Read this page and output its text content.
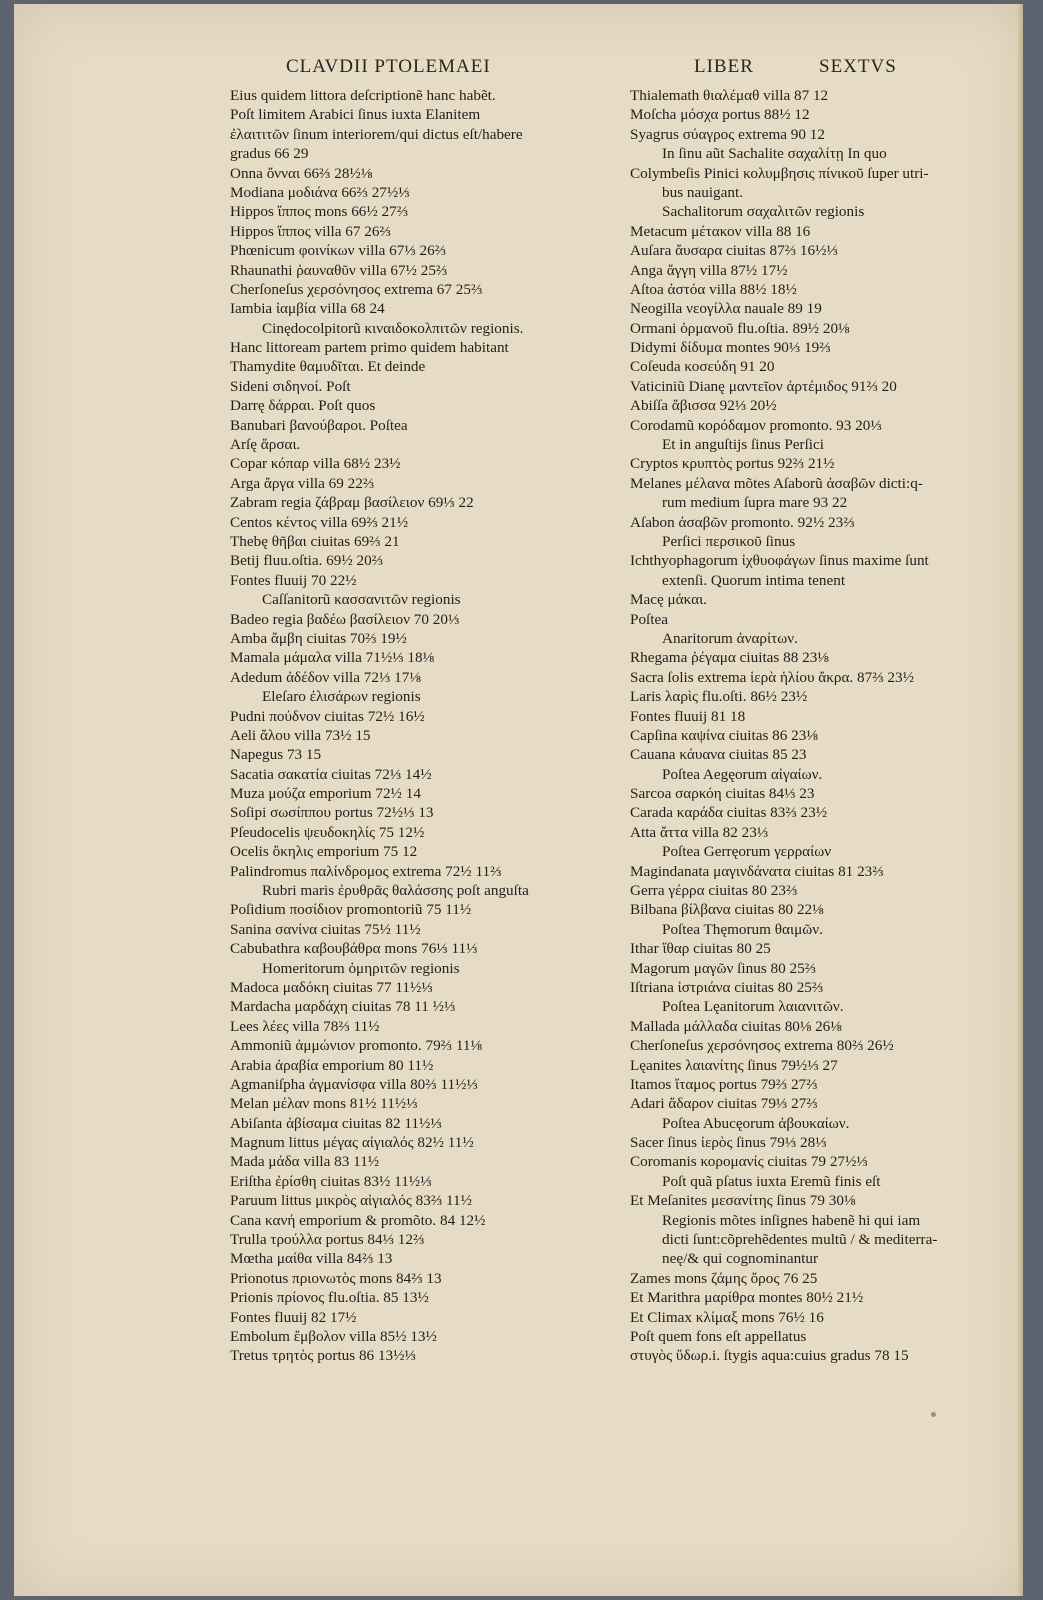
CLAVDII PTOLEMAEI	LIBER	SEXTVS
Eius quidem littora deſcriptionẽ hanc habẽt.
Poſt limitem Arabici ſinus iuxta Elanitem
ἐλαιτιτῶν ſinum interiorem/qui dictus eſt/habere
gradus 66 29
Onna ὄνναι 66⅔ 28½⅛
Modiana μοδιάνα 66⅔ 27½⅓
Hippos ἵππος mons 66½ 27⅔
Hippos ἵππος villa 67 26⅔
Phœnicum φοινίκων villa 67⅓ 26⅔
Rhaunathi ῥαυναθῦν villa 67½ 25⅔
Cherſoneſus χερσόνησος extrema 67 25⅔
Iambia ἰαμβία villa 68 24
Cinędocolpitorũ κιναιδοκολπιτῶν regionis.
Hanc littoream partem primo quidem habitant
Thamydite θαμυδῖται. Et deinde
Sideni σιδηνοί. Poſt
Darrę δάρραι. Poſt quos
Banubari βανούβαροι. Poſtea
Arſę ἄρσαι.
Copar κόπαρ villa 68½ 23½
Arga ἄργα villa 69 22⅔
Zabram regia ζάβραμ βασίλειον 69⅓ 22
Centos κέντος villa 69⅔ 21½
Thebę θῆβαι ciuitas 69⅔ 21
Betij fluu.oſtia. 69½ 20⅔
Fontes fluuij 70 22½
Caſſanitorũ κασσανιτῶν regionis
Badeo regia βαδέω βασίλειον 70 20⅓
Amba ἄμβη ciuitas 70⅔ 19½
Mamala μάμαλα villa 71½⅓ 18⅛
Adedum ἀδέδον villa 72⅓ 17⅛
Eleſaro ἐλισάρων regionis
Pudni πούδνον ciuitas 72½ 16½
Aeli ἄλου villa 73½ 15
Napegus 73 15
Sacatia σακατία ciuitas 72⅓ 14½
Muza μούζα emporium 72½ 14
Soſipi σωσίππου portus 72½⅓ 13
Pſeudocelis ψευδοκηλίς 75 12½
Ocelis ὄκηλις emporium 75 12
Palindromus παλίνδρομος extrema 72½ 11⅔
Rubri maris ἐρυθρᾶς θαλάσσης poſt anguſta
Poſidium ποσίδιον promontoriũ 75 11½
Sanina σανίνα ciuitas 75½ 11½
Cabubathra καβουβάθρα mons 76⅓ 11⅓
Homeritorum ὁμηριτῶν regionis
Madoca μαδόκη ciuitas 77 11½⅓
Mardacha μαρδάχη ciuitas 78 11 ½⅓
Lees λέες villa 78⅔ 11½
Ammoniũ ἀμμώνιον promonto. 79⅔ 11⅛
Arabia ἀραβία emporium 80 11½
Agmaniſpha ἀγμανίσφα villa 80⅔ 11½⅓
Melan μέλαν mons 81½ 11½⅓
Abiſanta ἀβίσαμα ciuitas 82 11½⅓
Magnum littus μέγας αἰγιαλός 82½ 11½
Mada μάδα villa 83 11½
Eriſtha ἐρίσθη ciuitas 83½ 11½⅓
Paruum littus μικρὸς αἰγιαλός 83⅔ 11½
Cana κανή emporium & promõto. 84 12½
Trulla τρούλλα portus 84⅓ 12⅔
Mœtha μαίθα villa 84⅔ 13
Prionotus πριονωτὸς mons 84⅔ 13
Prionis πρίονος flu.oſtia. 85 13½
Fontes fluuij 82 17½
Embolum ἔμβολον villa 85½ 13½
Tretus τρητὸς portus 86 13½⅓
Thialemath θιαλέμαθ villa 87 12
Moſcha μόσχα portus 88½ 12
Syagrus σύαγρος extrema 90 12
In ſinu aũt Sachalite σαχαλίτῃ In quo
Colymbeſis Pinici κολυμβησις πίνικοῦ ſuper utri-
bus nauigant.
Sachalitorum σαχαλιτῶν regionis
Metacum μέτακον villa 88 16
Auſara ἄυσαρα ciuitas 87⅔ 16½⅓
Anga ἄγγη villa 87½ 17½
Aſtoa ἀστόα villa 88½ 18½
Neogilla νεογίλλα nauale 89 19
Ormani ὀρμανοῦ flu.oſtia. 89½ 20⅛
Didymi δίδυμα montes 90⅓ 19⅔
Coſeuda κοσεύδη 91 20
Vaticiniũ Dianę μαντεῖον ἀρτέμιδος 91⅔ 20
Abiſſa ἄβισσα 92⅓ 20½
Corodamũ κορόδαμον promonto. 93 20⅓
Et in anguſtijs ſinus Perſici
Cryptos κρυπτὸς portus 92⅔ 21½
Melanes μέλανα mõtes Aſaborũ ἀσαβῶν dicti:q-
rum medium ſupra mare 93 22
Aſabon ἀσαβῶν promonto. 92½ 23⅔
Perſici περσικοῦ ſinus
Ichthyophagorum ἰχθυοφάγων ſinus maxime ſunt
extenſi. Quorum intima tenent
Macę μάκαι.
Poſtea
Anaritorum ἀναρίτων.
Rhegama ῥέγαμα ciuitas 88 23⅛
Sacra ſolis extrema ἱερὰ ἡλίου ἄκρα. 87⅔ 23½
Laris λαρὶς flu.oſti. 86½ 23½
Fontes fluuij 81 18
Capſina καψίνα ciuitas 86 23⅛
Cauana κάυανα ciuitas 85 23
Poſtea Aegęorum αἰγαίων.
Sarcoa σαρκόη ciuitas 84⅓ 23
Carada καράδα ciuitas 83⅔ 23½
Atta ἄττα villa 82 23⅓
Poſtea Gerręorum γερραίων
Magindanata μαγινδάνατα ciuitas 81 23⅔
Gerra γέρρα ciuitas 80 23⅔
Bilbana βίλβανα ciuitas 80 22⅛
Poſtea Thęmorum θαιμῶν.
Ithar ἴθαρ ciuitas 80 25
Magorum μαγῶν ſinus 80 25⅔
Iſtriana ἰστριάνα ciuitas 80 25⅔
Poſtea Lęanitorum λαιανιτῶν.
Mallada μάλλαδα ciuitas 80⅛ 26⅛
Cherſoneſus χερσόνησος extrema 80⅔ 26½
Lęanites λαιανίτης ſinus 79½⅓ 27
Itamos ἴταμος portus 79⅔ 27⅔
Adari ἄδαρον ciuitas 79⅓ 27⅔
Poſtea Abucęorum ἀβουκαίων.
Sacer ſinus ἱερὸς ſinus 79⅓ 28⅓
Coromanis κορομανίς ciuitas 79 27½⅓
Poſt quã pſatus iuxta Eremũ finis eſt
Et Meſanites μεσανίτης ſinus 79 30⅛
Regionis mõtes inſignes habenẽ hi qui iam
dicti ſunt:cõprehẽdentes multũ / & mediterra-
neę/& qui cognominantur
Zames mons ζάμης ὄρος 76 25
Et Marithra μαρίθρα montes 80½ 21½
Et Climax κλίμαξ mons 76½ 16
Poſt quem fons eſt appellatus
στυγὸς ὕδωρ.i. ſtygis aqua:cuius gradus 78 15
